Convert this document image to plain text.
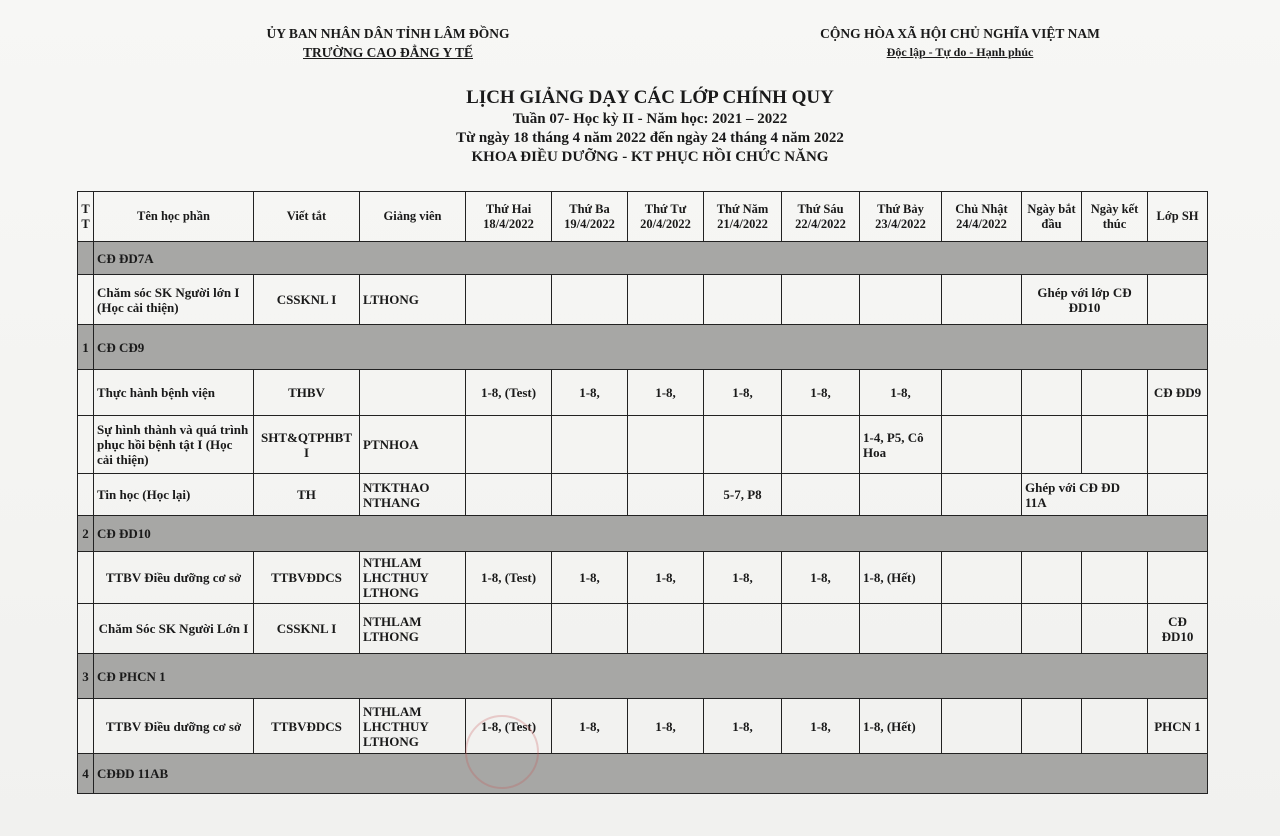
ỦY BAN NHÂN DÂN TỈNH LÂM ĐỒNG
TRƯỜNG CAO ĐẲNG Y TẾ
CỘNG HÒA XÃ HỘI CHỦ NGHĨA VIỆT NAM
Độc lập - Tự do - Hạnh phúc
LỊCH GIẢNG DẠY CÁC LỚP CHÍNH QUY
Tuần 07- Học kỳ II - Năm học: 2021 – 2022
Từ ngày 18 tháng 4 năm 2022 đến ngày 24 tháng 4 năm 2022
KHOA ĐIỀU DƯỠNG - KT PHỤC HỒI CHỨC NĂNG
T T	Tên học phần	Viết tắt	Giảng viên	Thứ Hai 18/4/2022	Thứ Ba 19/4/2022	Thứ Tư 20/4/2022	Thứ Năm 21/4/2022	Thứ Sáu 22/4/2022	Thứ Bảy 23/4/2022	Chủ Nhật 24/4/2022	Ngày bắt đầu	Ngày kết thúc	Lớp SH
	CĐ ĐD7A												
	Chăm sóc SK Người lớn I (Học cải thiện)	CSSKNL I	LTHONG								Ghép với lớp CĐ ĐD10		
1	CĐ CĐ9												
	Thực hành bệnh viện	THBV		1-8, (Test)	1-8,	1-8,	1-8,	1-8,	1-8,				CĐ ĐD9
	Sự hình thành và quá trình phục hồi bệnh tật I (Học cải thiện)	SHT&QTPHBT I	PTNHOA						1-4, P5, Cô Hoa				
	Tin học (Học lại)	TH	NTKTHAO
NTHANG				5-7, P8				Ghép với CĐ ĐD 11A		
2	CĐ ĐD10												
	TTBV Điều dưỡng cơ sở	TTBVĐDCS	NTHLAM
LHCTHUY
LTHONG	1-8, (Test)	1-8,	1-8,	1-8,	1-8,	1-8, (Hết)				
	Chăm Sóc SK Người Lớn I	CSSKNL I	NTHLAM
LTHONG										CĐ ĐD10
3	CĐ PHCN 1												
	TTBV Điều dưỡng cơ sở	TTBVĐDCS	NTHLAM
LHCTHUY
LTHONG	1-8, (Test)	1-8,	1-8,	1-8,	1-8,	1-8, (Hết)				PHCN 1
4	CĐĐD 11AB												
